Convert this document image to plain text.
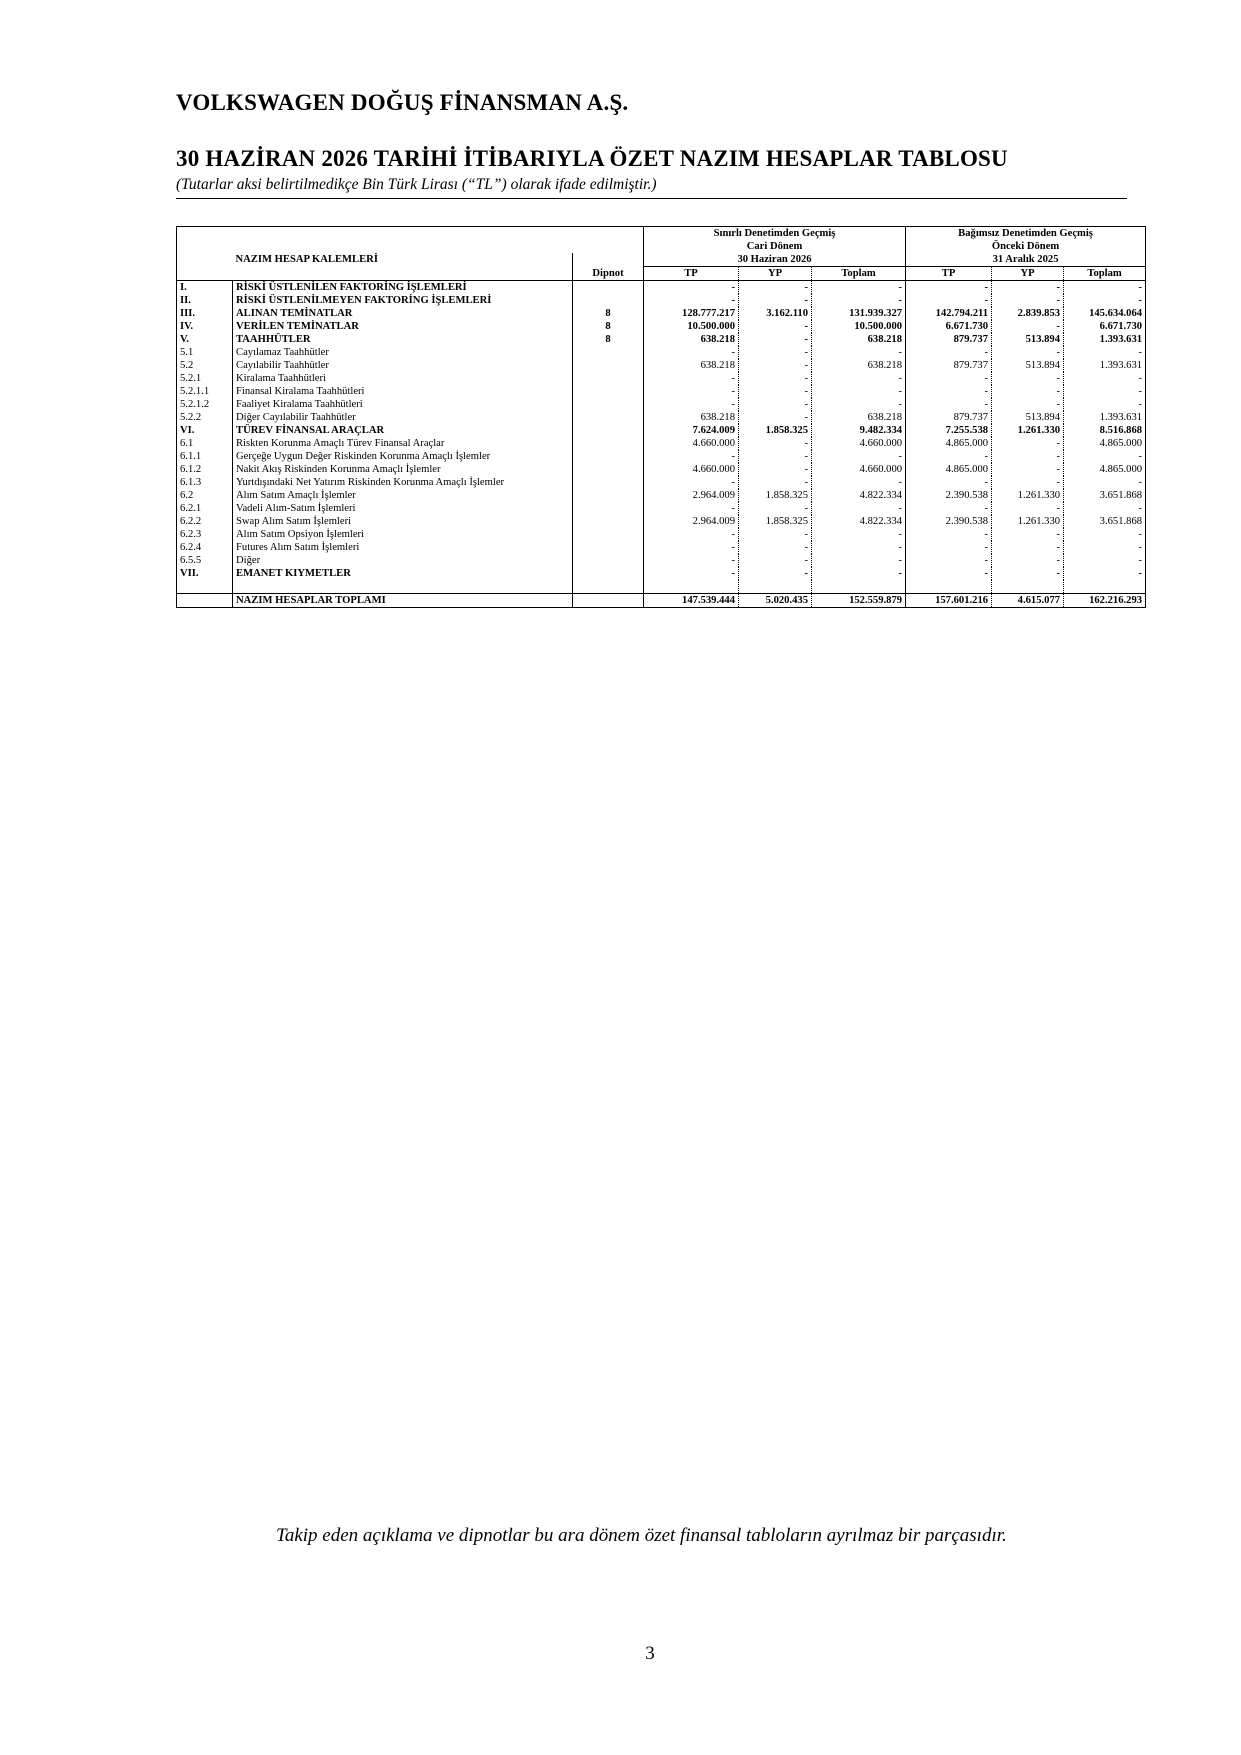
VOLKSWAGEN DOĞUŞ FİNANSMAN A.Ş.
30 HAZİRAN 2026 TARİHİ İTİBARIYLA ÖZET NAZIM HESAPLAR TABLOSU
(Tutarlar aksi belirtilmedikçe Bin Türk Lirası (“TL”) olarak ifade edilmiştir.)
			Sınırlı Denetimden Geçmiş			Bağımsız Denetimden Geçmiş		
			Cari Dönem			Önceki Dönem		
	NAZIM HESAP KALEMLERİ		30 Haziran 2026			31 Aralık 2025		
		Dipnot	TP	YP	Toplam	TP	YP	Toplam
I.	RİSKİ ÜSTLENİLEN FAKTORİNG İŞLEMLERİ		-	-	-	-	-	-
II.	RİSKİ ÜSTLENİLMEYEN FAKTORİNG İŞLEMLERİ		-	-	-	-	-	-
III.	ALINAN TEMİNATLAR	8	128.777.217	3.162.110	131.939.327	142.794.211	2.839.853	145.634.064
IV.	VERİLEN TEMİNATLAR	8	10.500.000	-	10.500.000	6.671.730	-	6.671.730
V.	TAAHHÜTLER	8	638.218	-	638.218	879.737	513.894	1.393.631
5.1	Cayılamaz Taahhütler		-	-	-	-	-	-
5.2	Cayılabilir Taahhütler		638.218	-	638.218	879.737	513.894	1.393.631
5.2.1	Kiralama Taahhütleri		-	-	-	-	-	-
5.2.1.1	Finansal Kiralama Taahhütleri		-	-	-	-	-	-
5.2.1.2	Faaliyet Kiralama Taahhütleri		-	-	-	-	-	-
5.2.2	Diğer Cayılabilir Taahhütler		638.218	-	638.218	879.737	513.894	1.393.631
VI.	TÜREV FİNANSAL ARAÇLAR		7.624.009	1.858.325	9.482.334	7.255.538	1.261.330	8.516.868
6.1	Riskten Korunma Amaçlı Türev Finansal Araçlar		4.660.000	-	4.660.000	4.865.000	-	4.865.000
6.1.1	Gerçeğe Uygun Değer Riskinden Korunma Amaçlı İşlemler		-	-	-	-	-	-
6.1.2	Nakit Akış Riskinden Korunma Amaçlı İşlemler		4.660.000	-	4.660.000	4.865.000	-	4.865.000
6.1.3	Yurtdışındaki Net Yatırım Riskinden Korunma Amaçlı İşlemler		-	-	-	-	-	-
6.2	Alım Satım Amaçlı İşlemler		2.964.009	1.858.325	4.822.334	2.390.538	1.261.330	3.651.868
6.2.1	Vadeli Alım-Satım İşlemleri		-	-	-	-	-	-
6.2.2	Swap Alım Satım İşlemleri		2.964.009	1.858.325	4.822.334	2.390.538	1.261.330	3.651.868
6.2.3	Alım Satım Opsiyon İşlemleri		-	-	-	-	-	-
6.2.4	Futures Alım Satım İşlemleri		-	-	-	-	-	-
6.5.5	Diğer		-	-	-	-	-	-
VII.	EMANET KIYMETLER		-	-	-	-	-	-

	NAZIM HESAPLAR TOPLAMI		147.539.444	5.020.435	152.559.879	157.601.216	4.615.077	162.216.293
Takip eden açıklama ve dipnotlar bu ara dönem özet finansal tabloların ayrılmaz bir parçasıdır.
3
